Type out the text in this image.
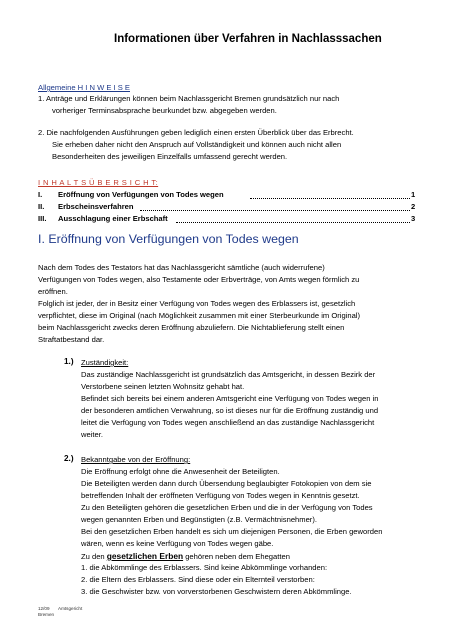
Informationen über Verfahren in Nachlasssachen
Allgemeine H I N W E I S E
1. Anträge und Erklärungen können beim Nachlassgericht Bremen grundsätzlich nur nach
vorheriger Terminsabsprache beurkundet bzw. abgegeben werden.
2. Die nachfolgenden Ausführungen geben lediglich einen ersten Überblick über das Erbrecht.
Sie erheben daher nicht den Anspruch auf Vollständigkeit und können auch nicht allen
Besonderheiten des jeweiligen Einzelfalls umfassend gerecht werden.
I N H A L T S Ü B E R S I C H T:
I. Eröffnung von Verfügungen von Todes wegen	1
II. Erbscheinsverfahren	2
III. Ausschlagung einer Erbschaft	3
I. Eröffnung von Verfügungen von Todes wegen
Nach dem Todes des Testators hat das Nachlassgericht sämtliche (auch widerrufene)
Verfügungen von Todes wegen, also Testamente oder Erbverträge, von Amts wegen förmlich zu
eröffnen.
Folglich ist jeder, der in Besitz einer Verfügung von Todes wegen des Erblassers ist, gesetzlich
verpflichtet, diese im Original (nach Möglichkeit zusammen mit einer Sterbeurkunde im Original)
beim Nachlassgericht zwecks deren Eröffnung abzuliefern. Die Nichtablieferung stellt einen
Straftatbestand dar.
1.) Zuständigkeit:
Das zuständige Nachlassgericht ist grundsätzlich das Amtsgericht, in dessen Bezirk der
Verstorbene seinen letzten Wohnsitz gehabt hat.
Befindet sich bereits bei einem anderen Amtsgericht eine Verfügung von Todes wegen in
der besonderen amtlichen Verwahrung, so ist dieses nur für die Eröffnung zuständig und
leitet die Verfügung von Todes wegen anschließend an das zuständige Nachlassgericht
weiter.
2.) Bekanntgabe von der Eröffnung:
Die Eröffnung erfolgt ohne die Anwesenheit der Beteiligten.
Die Beteiligten werden dann durch Übersendung beglaubigter Fotokopien von dem sie
betreffenden Inhalt der eröffneten Verfügung von Todes wegen in Kenntnis gesetzt.
Zu den Beteiligten gehören die gesetzlichen Erben und die in der Verfügung von Todes
wegen genannten Erben und Begünstigten (z.B. Vermächtnisnehmer).
Bei den gesetzlichen Erben handelt es sich um diejenigen Personen, die Erben geworden
wären, wenn es keine Verfügung von Todes wegen gäbe.
Zu den gesetzlichen Erben gehören neben dem Ehegatten
1. die Abkömmlinge des Erblassers. Sind keine Abkömmlinge vorhanden:
2. die Eltern des Erblassers. Sind diese oder ein Elternteil verstorben:
3. die Geschwister bzw. von vorverstorbenen Geschwistern deren Abkömmlinge.
12/09 Amtsgericht
Bremen
